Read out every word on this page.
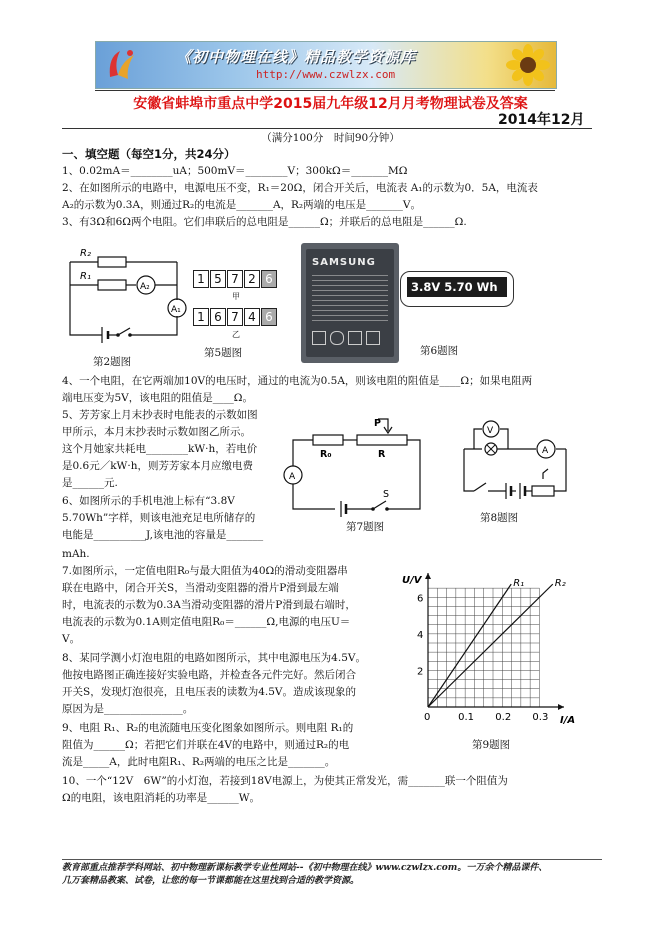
《初中物理在线》精品教学资源库
http://www.czwlzx.com
安徽省蚌埠市重点中学2015届九年级12月月考物理试卷及答案
2014年12月
（满分100分　时间90分钟）
一、填空题（每空1分，共24分）
1、0.02mA＝________uA；500mV＝________V；300kΩ＝_______MΩ
2、在如图所示的电路中，电源电压不变，R₁＝20Ω，闭合开关后，电流表 A₁的示数为0．5A，电流表
A₂的示数为0.3A，则通过R₂的电流是_______A，R₂两端的电压是_______V。
3、有3Ω和6Ω两个电阻。它们串联后的总电阻是______Ω；并联后的总电阻是______Ω.
R₂
R₁
A₂
A₁
第2题图
1 5 7 2 6
甲
1 6 7 4 6
乙
第5题图
SAMSUNG
3.8V 5.70 Wh
第6题图
4、一个电阻，在它两端加10V的电压时，通过的电流为0.5A，则该电阻的阻值是____Ω；如果电阻两
端电压变为5V，该电阻的阻值是____Ω。
5、芳芳家上月末抄表时电能表的示数如图
甲所示，本月末抄表时示数如图乙所示。
这个月她家共耗电________kW·h，若电价
是0.6元／kW·h，则芳芳家本月应缴电费
是______元.
6、如图所示的手机电池上标有“3.8V
5.70Wh”字样，则该电池充足电所储存的
电能是__________J,该电池的容量是_______
mAh.
R₀	R
P
A
S
第7题图
V
A
第8题图
7.如图所示，一定值电阻R₀与最大阻值为40Ω的滑动变阻器串
联在电路中，闭合开关S，当滑动变阻器的滑片P滑到最左端
时，电流表的示数为0.3A当滑动变阻器的滑片P滑到最右端时，
电流表的示数为0.1A则定值电阻R₀＝______Ω,电源的电压U＝
V。
8、某同学测小灯泡电阻的电路如图所示，其中电源电压为4.5V。
他按电路图正确连接好实验电路，并检查各元件完好。然后闭合
开关S，发现灯泡很亮，且电压表的读数为4.5V。造成该现象的
原因为是_______________。
9、电阻 R₁、R₂的电流随电压变化图象如图所示。则电阻 R₁的
阻值为______Ω；若把它们并联在4V的电路中，则通过R₂的电
流是_____A，此时电阻R₁、R₂两端的电压之比是_______。
10、一个“12V　6W”的小灯泡，若接到18V电源上，为使其正常发光，需_______联一个阻值为
Ω的电阻，该电阻消耗的功率是______W。
0	0.1 0.2 0.3
2
4
6
I/A
U/V	R₁	R₂
第9题图
教育部重点推荐学科网站、初中物理新课标教学专业性网站--《初中物理在线》www.czwlzx.com。一万余个精品课件、
几万套精品教案、试卷，让您的每一节课都能在这里找到合适的教学资源。
